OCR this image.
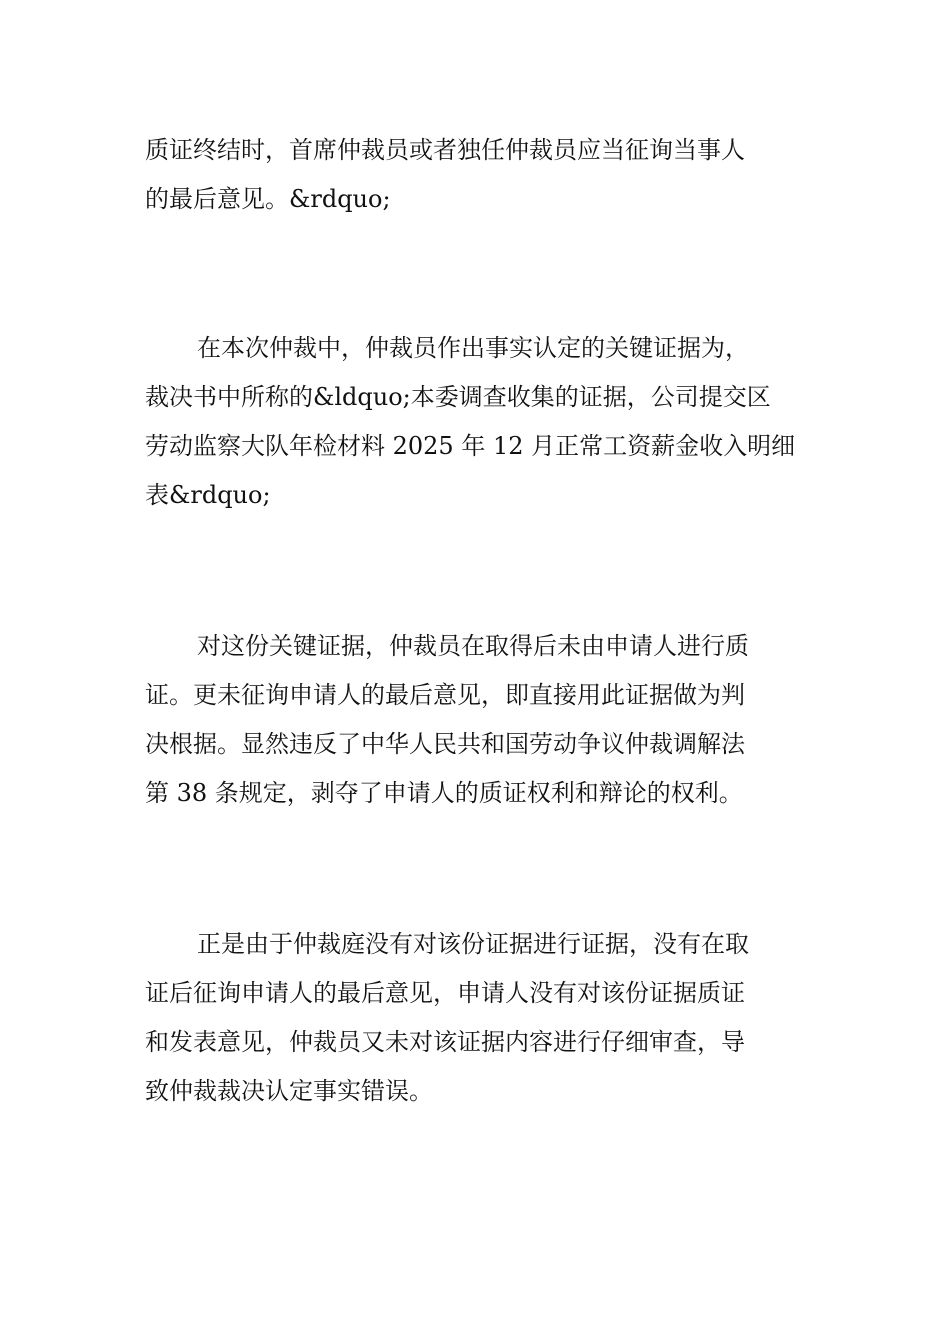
质证终结时，首席仲裁员或者独任仲裁员应当征询当事人
的最后意见。&rdquo;

在本次仲裁中，仲裁员作出事实认定的关键证据为，
裁决书中所称的&ldquo;本委调查收集的证据，公司提交区
劳动监察大队年检材料 2025 年 12 月正常工资薪金收入明细
表&rdquo;

对这份关键证据，仲裁员在取得后未由申请人进行质
证。更未征询申请人的最后意见，即直接用此证据做为判
决根据。显然违反了中华人民共和国劳动争议仲裁调解法
第 38 条规定，剥夺了申请人的质证权利和辩论的权利。

正是由于仲裁庭没有对该份证据进行证据，没有在取
证后征询申请人的最后意见，申请人没有对该份证据质证
和发表意见，仲裁员又未对该证据内容进行仔细审查，导
致仲裁裁决认定事实错误。
